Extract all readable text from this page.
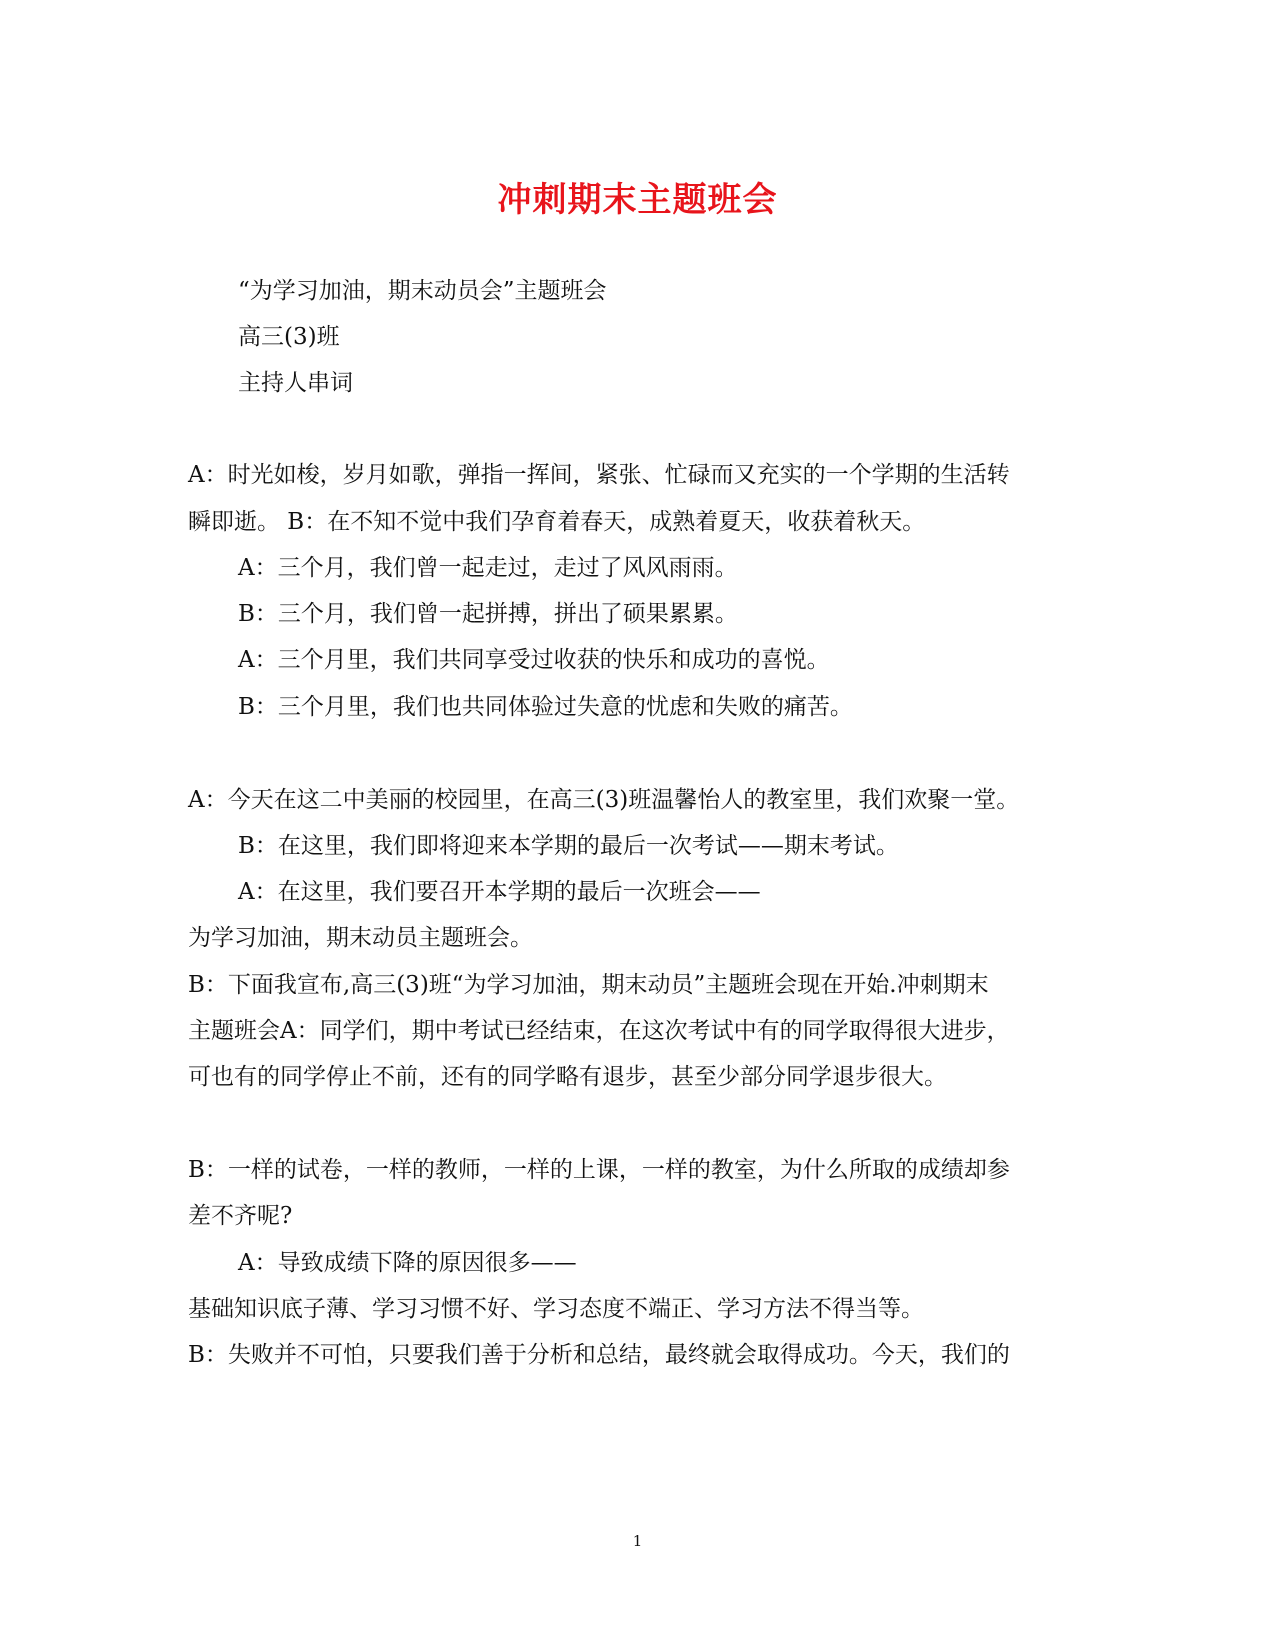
冲刺期末主题班会
“为学习加油，期末动员会”主题班会
高三(3)班
主持人串词
A：时光如梭，岁月如歌，弹指一挥间，紧张、忙碌而又充实的一个学期的生活转
瞬即逝。 B：在不知不觉中我们孕育着春天，成熟着夏天，收获着秋天。
A：三个月，我们曾一起走过，走过了风风雨雨。
B：三个月，我们曾一起拼搏，拼出了硕果累累。
A：三个月里，我们共同享受过收获的快乐和成功的喜悦。
B：三个月里，我们也共同体验过失意的忧虑和失败的痛苦。
A：今天在这二中美丽的校园里，在高三(3)班温馨怡人的教室里，我们欢聚一堂。
B：在这里，我们即将迎来本学期的最后一次考试——期末考试。
A：在这里，我们要召开本学期的最后一次班会——
为学习加油，期末动员主题班会。
B：下面我宣布,高三(3)班“为学习加油，期末动员”主题班会现在开始.冲刺期末
主题班会A：同学们，期中考试已经结束，在这次考试中有的同学取得很大进步，
可也有的同学停止不前，还有的同学略有退步，甚至少部分同学退步很大。
B：一样的试卷，一样的教师，一样的上课，一样的教室，为什么所取的成绩却参
差不齐呢?
A：导致成绩下降的原因很多——
基础知识底子薄、学习习惯不好、学习态度不端正、学习方法不得当等。
B：失败并不可怕，只要我们善于分析和总结，最终就会取得成功。今天，我们的
1
